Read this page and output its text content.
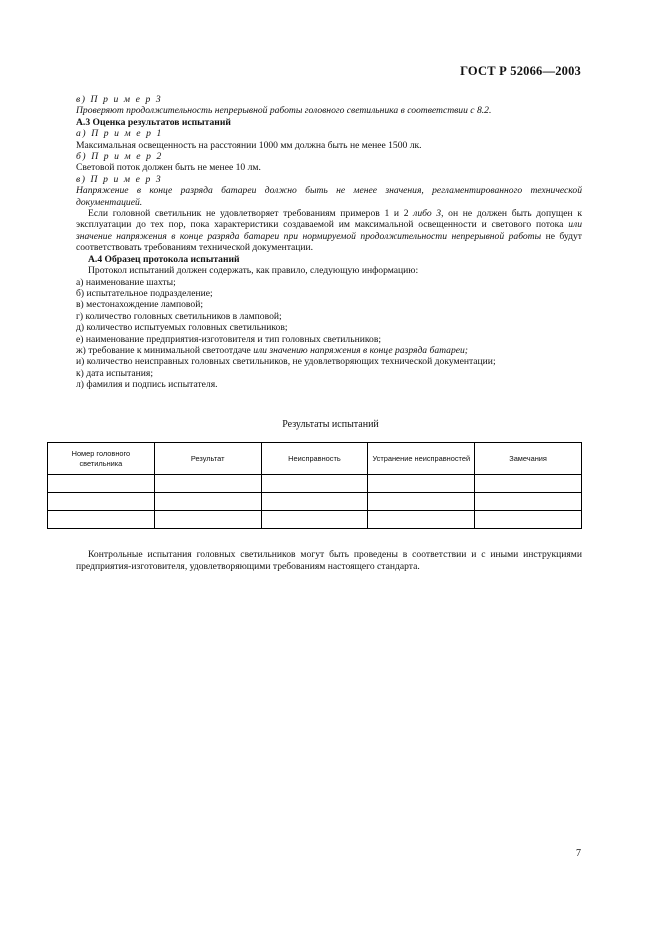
ГОСТ Р 52066—2003
в) П р и м е р 3
Проверяют продолжительность непрерывной работы головного светильника в соответствии с 8.2.
А.3 Оценка результатов испытаний
а) П р и м е р 1
Максимальная освещенность на расстоянии 1000 мм должна быть не менее 1500 лк.
б) П р и м е р 2
Световой поток должен быть не менее 10 лм.
в) П р и м е р 3
Напряжение в конце разряда батареи должно быть не менее значения, регламентированного технической документацией.
Если головной светильник не удовлетворяет требованиям примеров 1 и 2 либо 3, он не должен быть допущен к эксплуатации до тех пор, пока характеристики создаваемой им максимальной освещенности и светового потока или значение напряжения в конце разряда батареи при нормируемой продолжительности непрерывной работы не будут соответствовать требованиям технической документации.
А.4 Образец протокола испытаний
Протокол испытаний должен содержать, как правило, следующую информацию:
а) наименование шахты;
б) испытательное подразделение;
в) местонахождение ламповой;
г) количество головных светильников в ламповой;
д) количество испытуемых головных светильников;
е) наименование предприятия-изготовителя и тип головных светильников;
ж) требование к минимальной светоотдаче или значению напряжения в конце разряда батареи;
и) количество неисправных головных светильников, не удовлетворяющих технической документации;
к) дата испытания;
л) фамилия и подпись испытателя.
Результаты испытаний
Номер головного светильника	Результат	Неисправность	Устранение неисправностей	Замечания

Контрольные испытания головных светильников могут быть проведены в соответствии и с иными инструкциями предприятия-изготовителя, удовлетворяющими требованиям настоящего стандарта.
7
